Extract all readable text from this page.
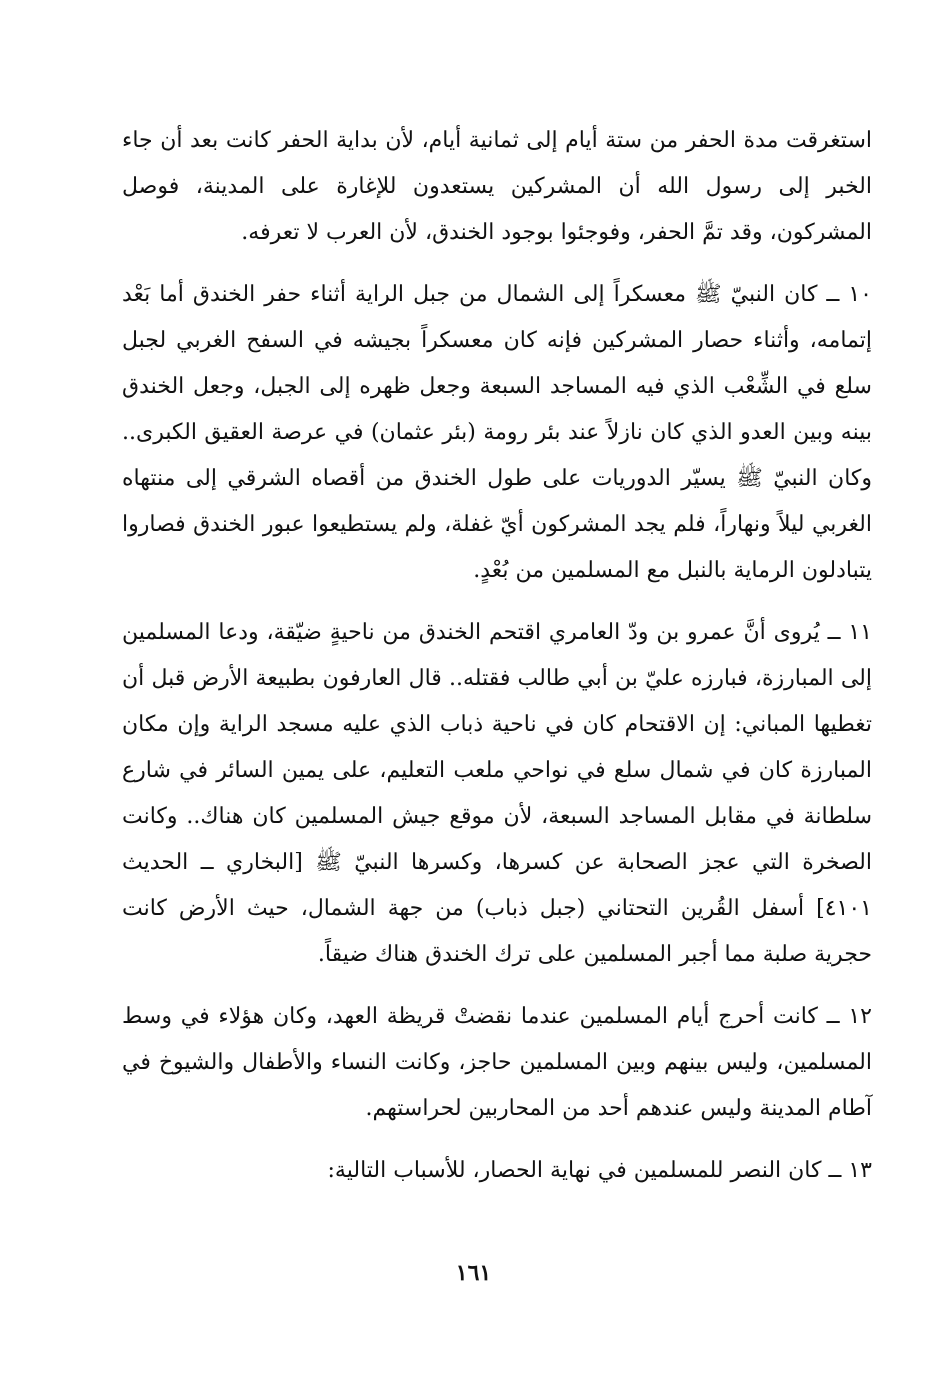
استغرقت مدة الحفر من ستة أيام إلى ثمانية أيام، لأن بداية الحفر كانت بعد أن جاء الخبر إلى رسول الله أن المشركين يستعدون للإغارة على المدينة، فوصل المشركون، وقد تمَّ الحفر، وفوجئوا بوجود الخندق، لأن العرب لا تعرفه.

١٠ ــ كان النبيّ ﷺ معسكراً إلى الشمال من جبل الراية أثناء حفر الخندق أما بَعْد إتمامه، وأثناء حصار المشركين فإنه كان معسكراً بجيشه في السفح الغربي لجبل سلع في الشِّعْب الذي فيه المساجد السبعة وجعل ظهره إلى الجبل، وجعل الخندق بينه وبين العدو الذي كان نازلاً عند بئر رومة (بئر عثمان) في عرصة العقيق الكبرى.. وكان النبيّ ﷺ يسيّر الدوريات على طول الخندق من أقصاه الشرقي إلى منتهاه الغربي ليلاً ونهاراً، فلم يجد المشركون أيّ غفلة، ولم يستطيعوا عبور الخندق فصاروا يتبادلون الرماية بالنبل مع المسلمين من بُعْدٍ.

١١ ــ يُروى أنَّ عمرو بن ودّ العامري اقتحم الخندق من ناحيةٍ ضيّقة، ودعا المسلمين إلى المبارزة، فبارزه عليّ بن أبي طالب فقتله.. قال العارفون بطبيعة الأرض قبل أن تغطيها المباني: إن الاقتحام كان في ناحية ذباب الذي عليه مسجد الراية وإن مكان المبارزة كان في شمال سلع في نواحي ملعب التعليم، على يمين السائر في شارع سلطانة في مقابل المساجد السبعة، لأن موقع جيش المسلمين كان هناك.. وكانت الصخرة التي عجز الصحابة عن كسرها، وكسرها النبيّ ﷺ [البخاري ــ الحديث ٤١٠١] أسفل القُرين التحتاني (جبل ذباب) من جهة الشمال، حيث الأرض كانت حجرية صلبة مما أجبر المسلمين على ترك الخندق هناك ضيقاً.

١٢ ــ كانت أحرج أيام المسلمين عندما نقضتْ قريظة العهد، وكان هؤلاء في وسط المسلمين، وليس بينهم وبين المسلمين حاجز، وكانت النساء والأطفال والشيوخ في آطام المدينة وليس عندهم أحد من المحاربين لحراستهم.

١٣ ــ كان النصر للمسلمين في نهاية الحصار، للأسباب التالية:

١٦١
